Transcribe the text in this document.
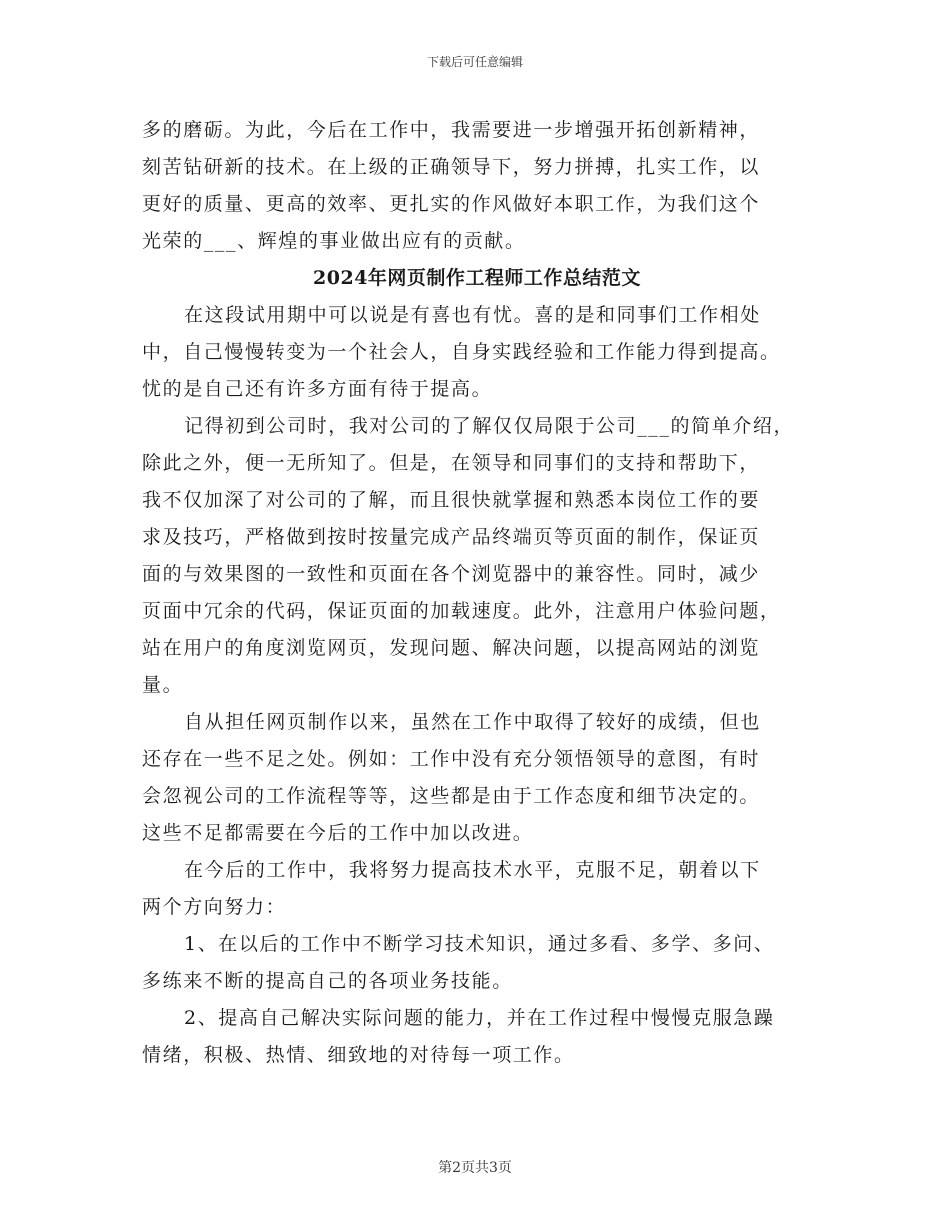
下载后可任意编辑
多的磨砺。为此，今后在工作中，我需要进一步增强开拓创新精神，
刻苦钻研新的技术。在上级的正确领导下，努力拼搏，扎实工作，以
更好的质量、更高的效率、更扎实的作风做好本职工作，为我们这个
光荣的___、辉煌的事业做出应有的贡献。
2024年网页制作工程师工作总结范文
在这段试用期中可以说是有喜也有忧。喜的是和同事们工作相处
中，自己慢慢转变为一个社会人，自身实践经验和工作能力得到提高。
忧的是自己还有许多方面有待于提高。
记得初到公司时，我对公司的了解仅仅局限于公司___的简单介绍，
除此之外，便一无所知了。但是，在领导和同事们的支持和帮助下，
我不仅加深了对公司的了解，而且很快就掌握和熟悉本岗位工作的要
求及技巧，严格做到按时按量完成产品终端页等页面的制作，保证页
面的与效果图的一致性和页面在各个浏览器中的兼容性。同时，减少
页面中冗余的代码，保证页面的加载速度。此外，注意用户体验问题，
站在用户的角度浏览网页，发现问题、解决问题，以提高网站的浏览
量。
自从担任网页制作以来，虽然在工作中取得了较好的成绩，但也
还存在一些不足之处。例如：工作中没有充分领悟领导的意图，有时
会忽视公司的工作流程等等，这些都是由于工作态度和细节决定的。
这些不足都需要在今后的工作中加以改进。
在今后的工作中，我将努力提高技术水平，克服不足，朝着以下
两个方向努力：
1、在以后的工作中不断学习技术知识，通过多看、多学、多问、
多练来不断的提高自己的各项业务技能。
2、提高自己解决实际问题的能力，并在工作过程中慢慢克服急躁
情绪，积极、热情、细致地的对待每一项工作。
第2页共3页
